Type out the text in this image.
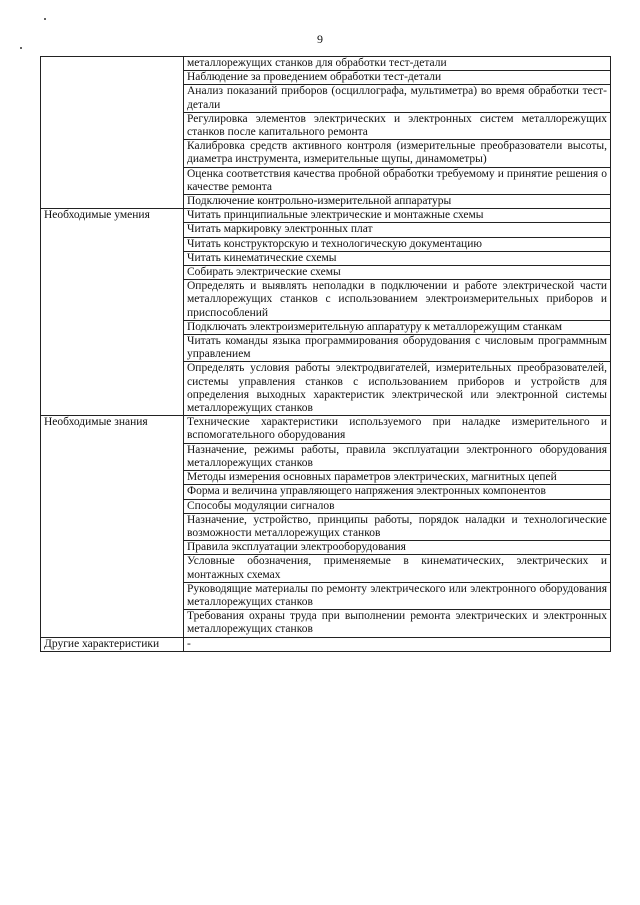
9
	металлорежущих станков для обработки тест-детали
	Наблюдение за проведением обработки тест-детали
	Анализ показаний приборов (осциллографа, мультиметра) во время обработки тест-детали
	Регулировка элементов электрических и электронных систем металлорежущих станков после капитального ремонта
	Калибровка средств активного контроля (измерительные преобразователи высоты, диаметра инструмента, измерительные щупы, динамометры)
	Оценка соответствия качества пробной обработки требуемому и принятие решения о качестве ремонта
	Подключение контрольно-измерительной аппаратуры
Необходимые умения	Читать принципиальные электрические и монтажные схемы
	Читать маркировку электронных плат
	Читать конструкторскую и технологическую документацию
	Читать кинематические схемы
	Собирать электрические схемы
	Определять и выявлять неполадки в подключении и работе электрической части металлорежущих станков с использованием электроизмерительных приборов и приспособлений
	Подключать электроизмерительную аппаратуру к металлорежущим станкам
	Читать команды языка программирования оборудования с числовым программным управлением
	Определять условия работы электродвигателей, измерительных преобразователей, системы управления станков с использованием приборов и устройств для определения выходных характеристик электрической или электронной системы металлорежущих станков
Необходимые знания	Технические характеристики используемого при наладке измерительного и вспомогательного оборудования
	Назначение, режимы работы, правила эксплуатации электронного оборудования металлорежущих станков
	Методы измерения основных параметров электрических, магнитных цепей
	Форма и величина управляющего напряжения электронных компонентов
	Способы модуляции сигналов
	Назначение, устройство, принципы работы, порядок наладки и технологические возможности металлорежущих станков
	Правила эксплуатации электрооборудования
	Условные обозначения, применяемые в кинематических, электрических и монтажных схемах
	Руководящие материалы по ремонту электрического или электронного оборудования металлорежущих станков
	Требования охраны труда при выполнении ремонта электрических и электронных металлорежущих станков
Другие характеристики	-
